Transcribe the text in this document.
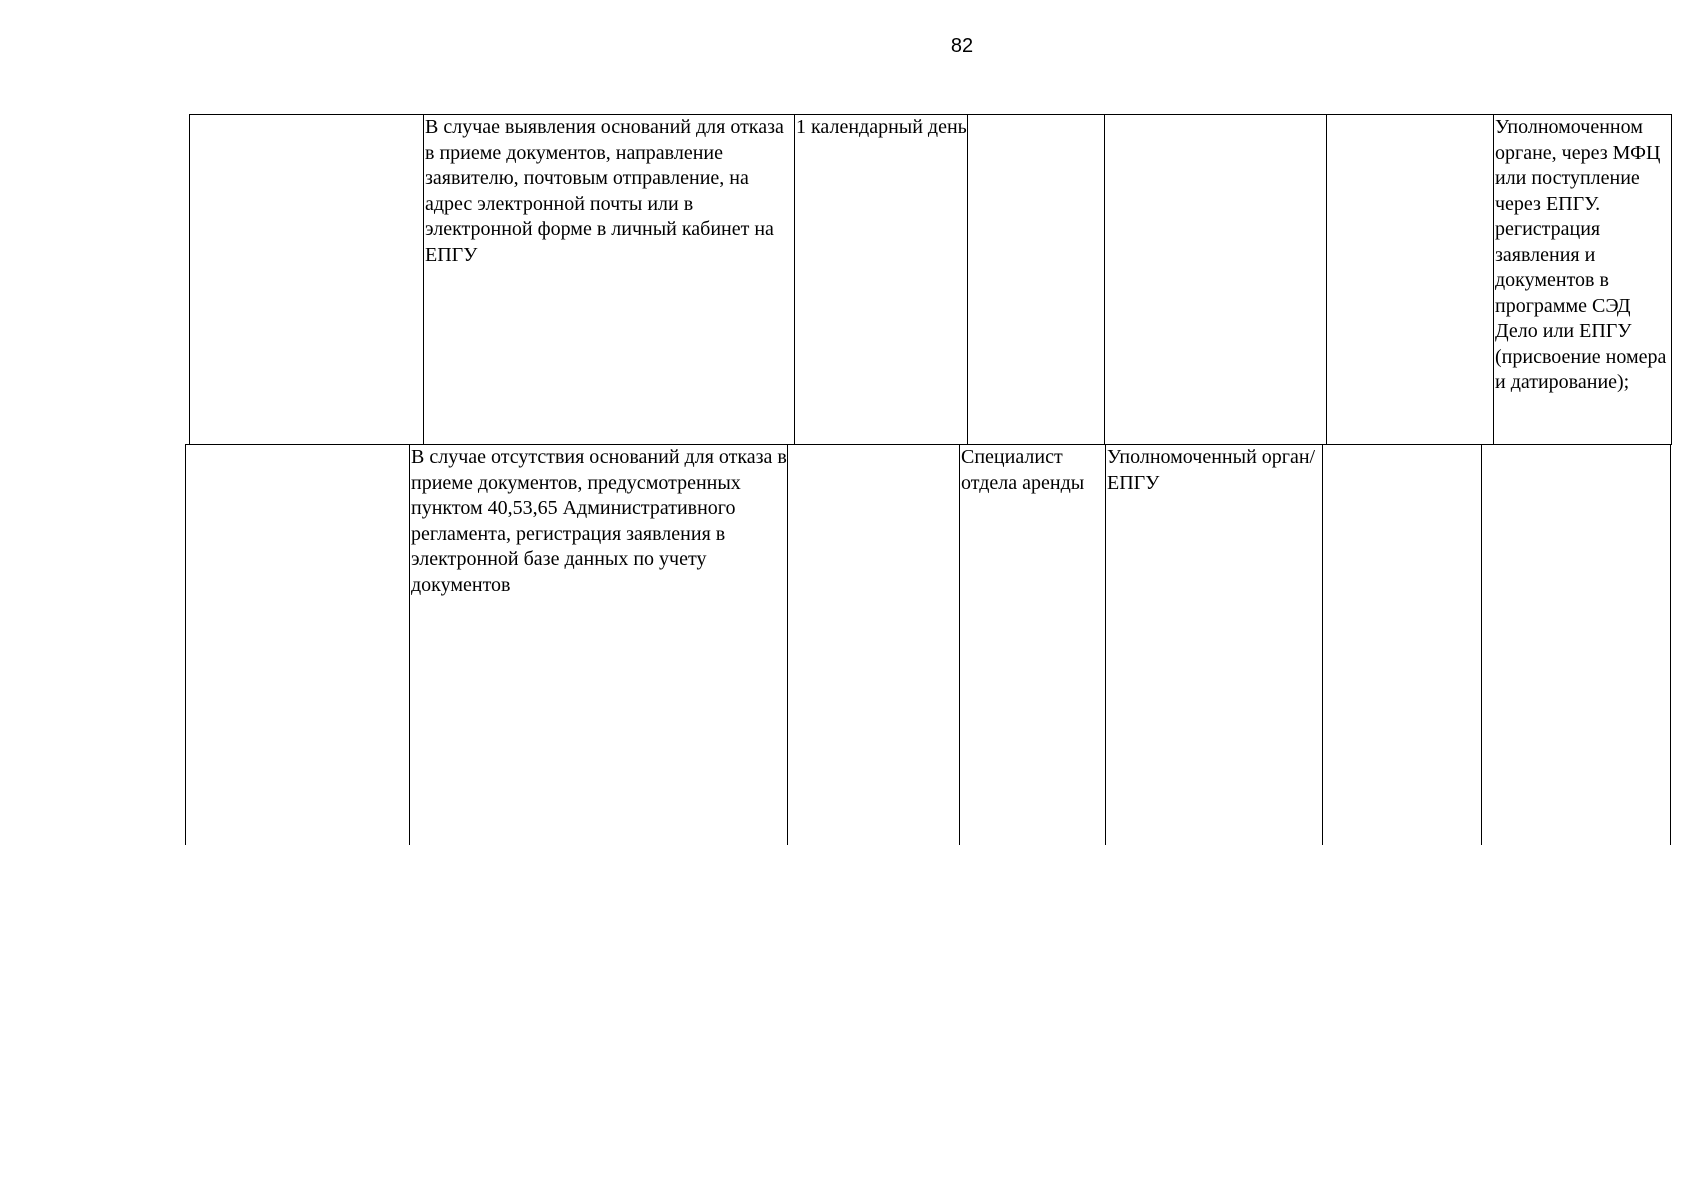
82
	В случае выявления оснований для отказа в приеме документов, направление заявителю, почтовым отправление, на адрес электронной почты или в электронной форме в личный кабинет на ЕПГУ	1 календарный день				Уполномоченном органе, через МФЦ или поступление через ЕПГУ. регистрация заявления и документов в программе СЭД Дело или ЕПГУ (присвоение номера и датирование);
	В случае отсутствия оснований для отказа в приеме документов, предусмотренных пунктом 40,53,65 Административного регламента, регистрация заявления в электронной базе данных по учету документов		Специалист отдела аренды	Уполномоченный орган/ЕПГУ		
